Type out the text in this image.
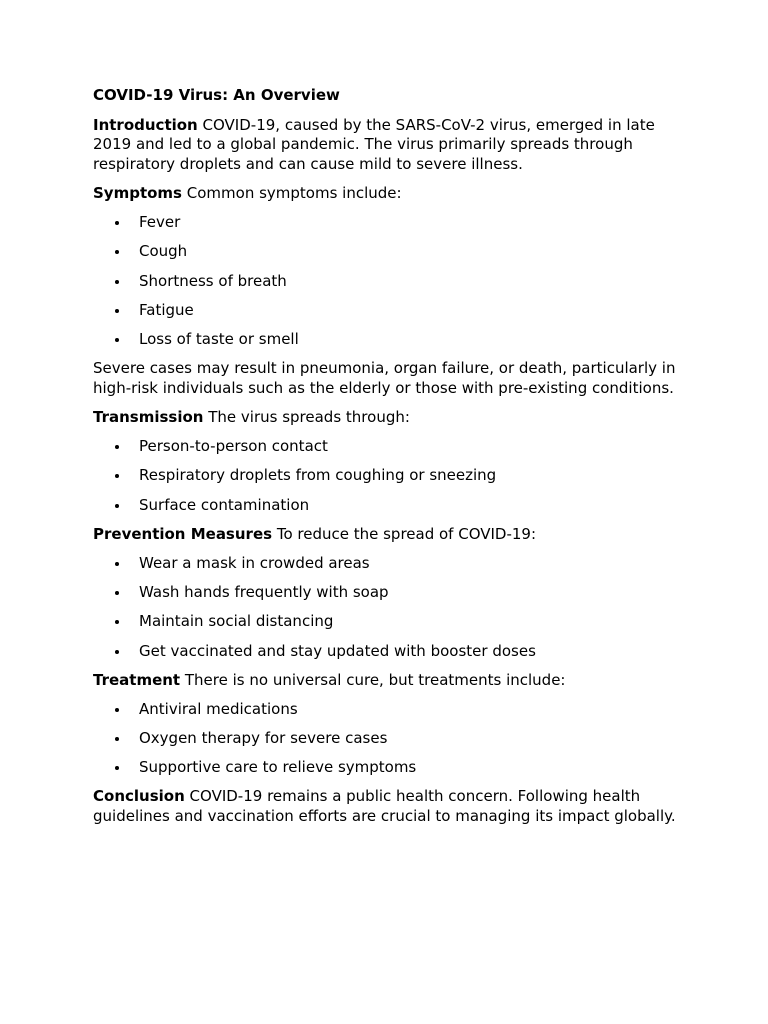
COVID-19 Virus: An Overview

Introduction COVID-19, caused by the SARS-CoV-2 virus, emerged in late 2019 and led to a global pandemic. The virus primarily spreads through respiratory droplets and can cause mild to severe illness.

Symptoms Common symptoms include:

Fever
Cough
Shortness of breath
Fatigue
Loss of taste or smell

Severe cases may result in pneumonia, organ failure, or death, particularly in high-risk individuals such as the elderly or those with pre-existing conditions.

Transmission The virus spreads through:

Person-to-person contact
Respiratory droplets from coughing or sneezing
Surface contamination

Prevention Measures To reduce the spread of COVID-19:

Wear a mask in crowded areas
Wash hands frequently with soap
Maintain social distancing
Get vaccinated and stay updated with booster doses

Treatment There is no universal cure, but treatments include:

Antiviral medications
Oxygen therapy for severe cases
Supportive care to relieve symptoms

Conclusion COVID-19 remains a public health concern. Following health guidelines and vaccination efforts are crucial to managing its impact globally.
